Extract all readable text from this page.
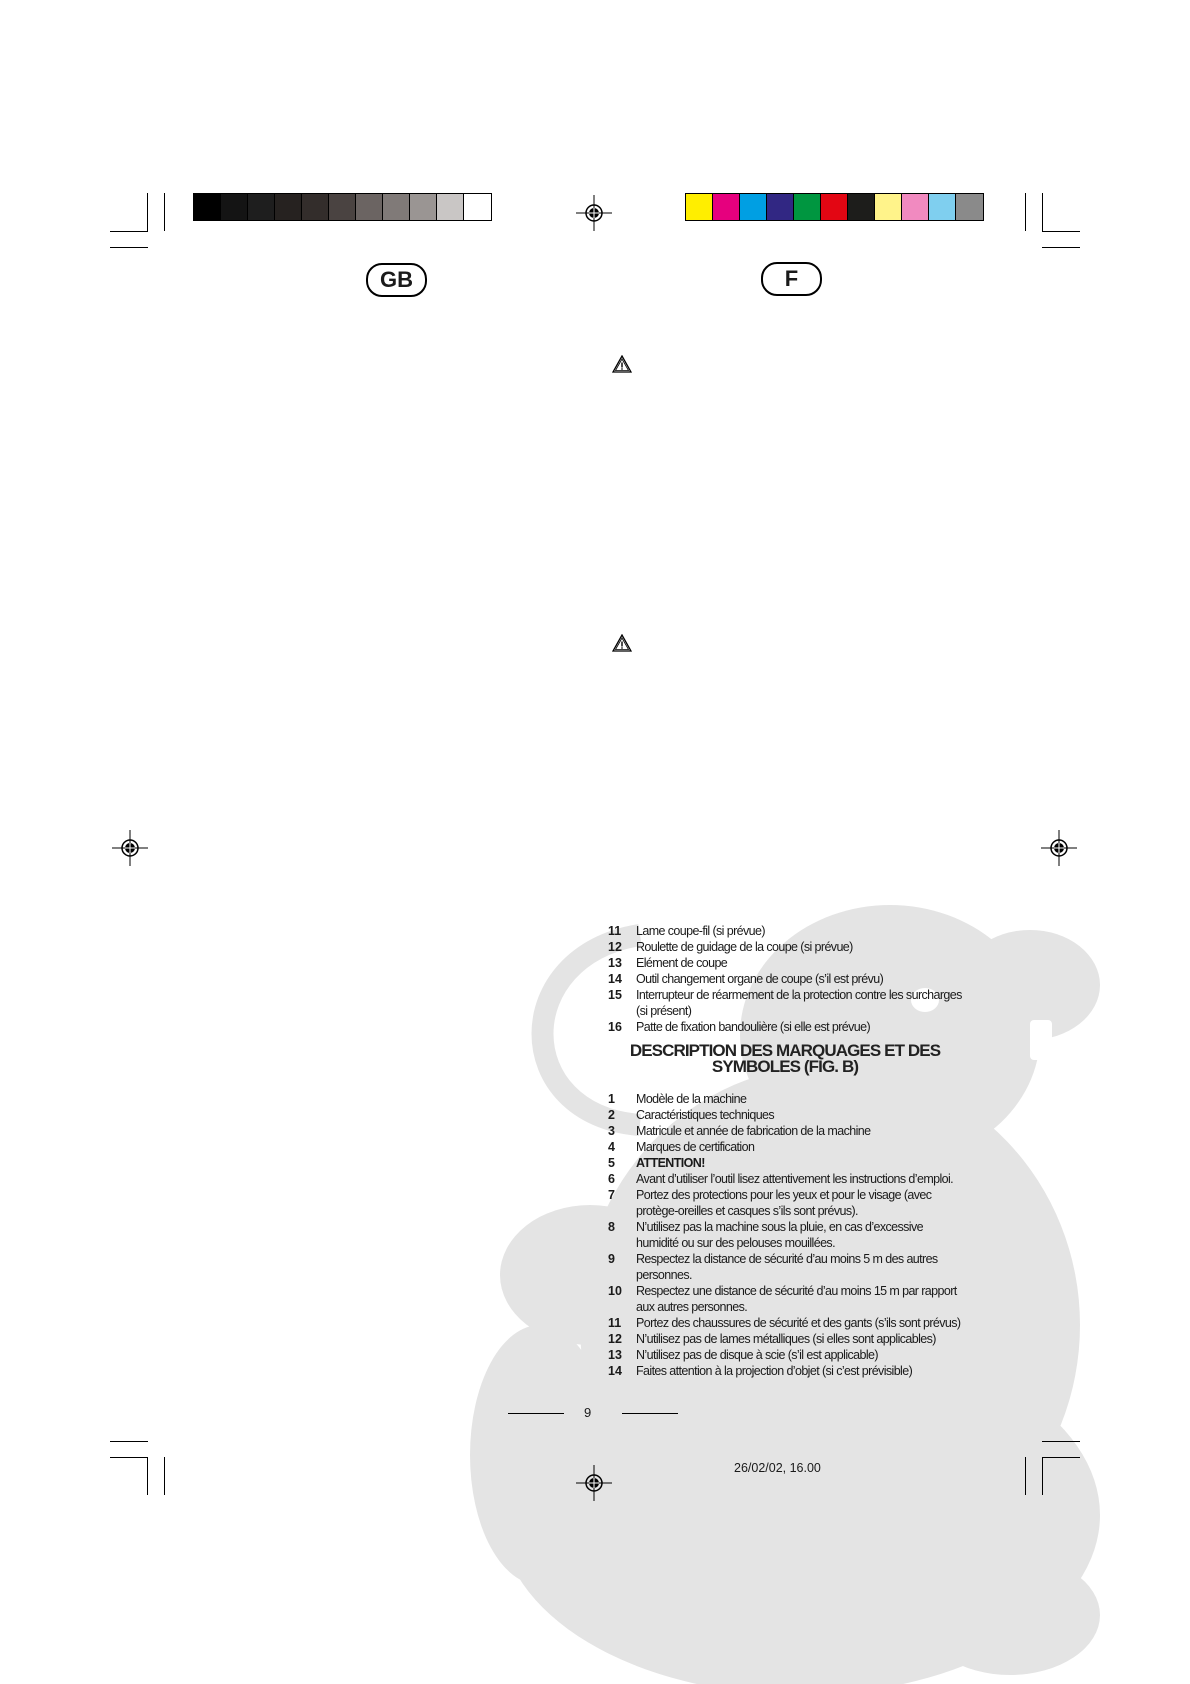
GB	F
11	Lame coupe-fil (si prévue)
12	Roulette de guidage de la coupe (si prévue)
13	Elément de coupe
14	Outil changement organe de coupe (s’il est prévu)
15	Interrupteur de réarmement de la protection contre les surcharges (si présent)
16	Patte de fixation bandoulière (si elle est prévue)
DESCRIPTION DES MARQUAGES ET DES SYMBOLES (FIG. B)
1	Modèle de la machine
2	Caractéristiques techniques
3	Matricule et année de fabrication de la machine
4	Marques de certification
5	ATTENTION!
6	Avant d’utiliser l’outil lisez attentivement les instructions d’emploi.
7	Portez des protections pour les yeux et pour le visage (avec protège-oreilles et casques s’ils sont prévus).
8	N’utilisez pas la machine sous la pluie, en cas d’excessive humidité ou sur des pelouses mouillées.
9	Respectez la distance de sécurité d’au moins 5 m des autres personnes.
10	Respectez une distance de sécurité d’au moins 15 m par rapport aux autres personnes.
11	Portez des chaussures de sécurité et des gants (s’ils sont prévus)
12	N’utilisez pas de lames métalliques (si elles sont applicables)
13	N’utilisez pas de disque à scie (s’il est applicable)
14	Faites attention à la projection d’objet (si c’est prévisible)
9
26/02/02, 16.00
